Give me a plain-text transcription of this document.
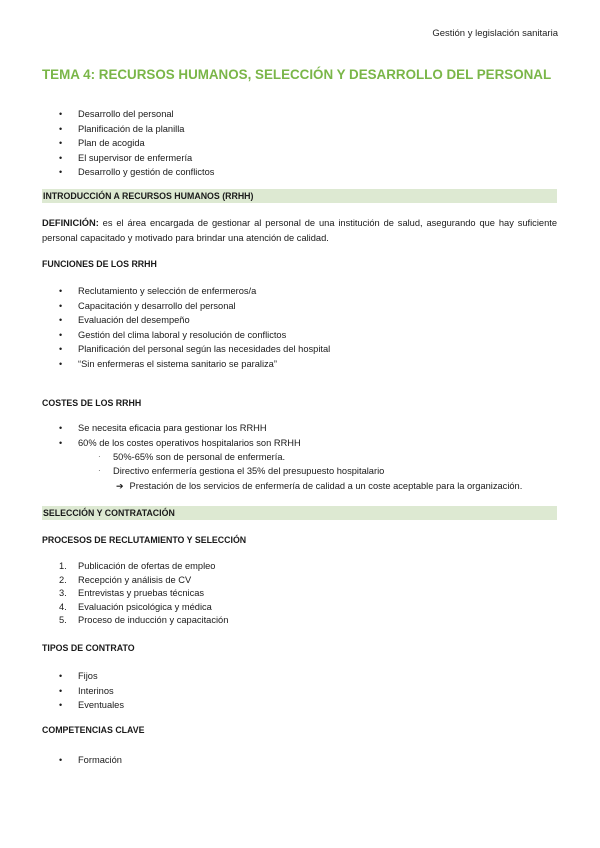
Gestión y legislación sanitaria
TEMA 4: RECURSOS HUMANOS, SELECCIÓN Y DESARROLLO DEL PERSONAL
• Desarrollo del personal
• Planificación de la planilla
• Plan de acogida
• El supervisor de enfermería
• Desarrollo y gestión de conflictos
INTRODUCCIÓN A RECURSOS HUMANOS (RRHH)
DEFINICIÓN: es el área encargada de gestionar al personal de una institución de salud, asegurando que hay suficiente personal capacitado y motivado para brindar una atención de calidad.
FUNCIONES DE LOS RRHH
• Reclutamiento y selección de enfermeros/a
• Capacitación y desarrollo del personal
• Evaluación del desempeño
• Gestión del clima laboral y resolución de conflictos
• Planificación del personal según las necesidades del hospital
• “Sin enfermeras el sistema sanitario se paraliza”
COSTES DE LOS RRHH
• Se necesita eficacia para gestionar los RRHH
• 60% de los costes operativos hospitalarios son RRHH
· 50%-65% son de personal de enfermería.
· Directivo enfermería gestiona el 35% del presupuesto hospitalario
➔ Prestación de los servicios de enfermería de calidad a un coste aceptable para la organización.
SELECCIÓN Y CONTRATACIÓN
PROCESOS DE RECLUTAMIENTO Y SELECCIÓN
1. Publicación de ofertas de empleo
2. Recepción y análisis de CV
3. Entrevistas y pruebas técnicas
4. Evaluación psicológica y médica
5. Proceso de inducción y capacitación
TIPOS DE CONTRATO
• Fijos
• Interinos
• Eventuales
COMPETENCIAS CLAVE
• Formación
